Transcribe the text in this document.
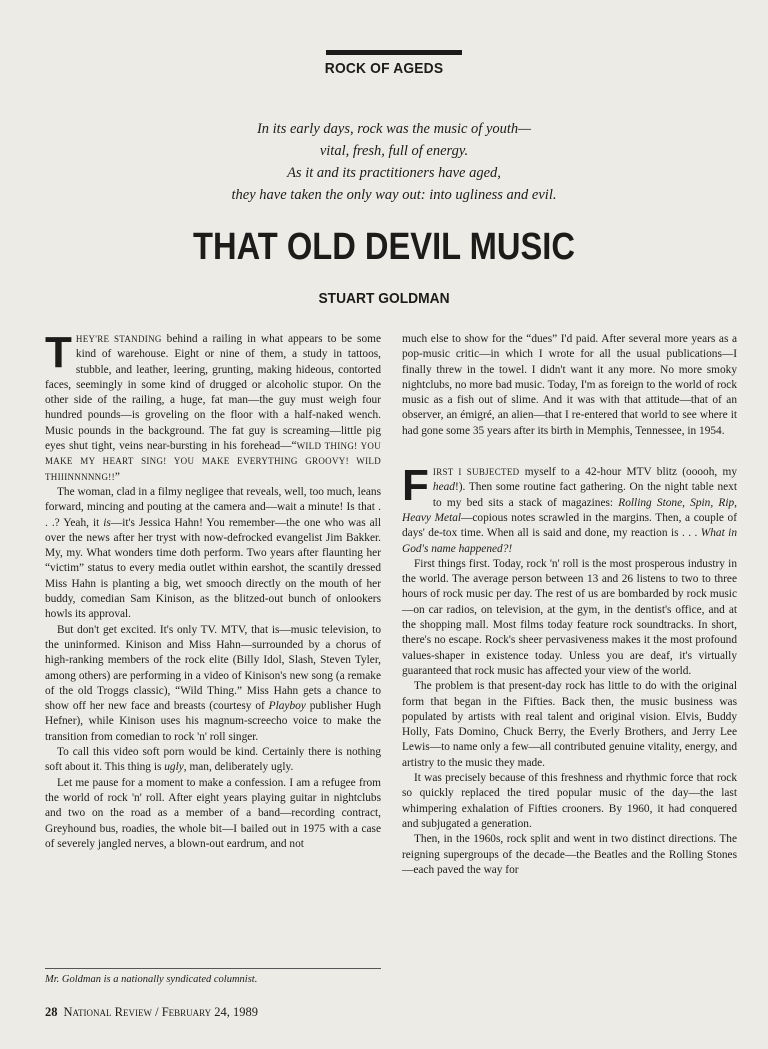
ROCK OF AGEDS
In its early days, rock was the music of youth—
vital, fresh, full of energy.
As it and its practitioners have aged,
they have taken the only way out: into ugliness and evil.
THAT OLD DEVIL MUSIC
STUART GOLDMAN

THEY'RE STANDING behind a railing in what appears to be some kind of warehouse. Eight or nine of them, a study in tattoos, stubble, and leather, leering, grunting, making hideous, contorted faces, seemingly in some kind of drugged or alcoholic stupor. On the other side of the railing, a huge, fat man—the guy must weigh four hundred pounds—is groveling on the floor with a half-naked wench. Music pounds in the background. The fat guy is screaming—little pig eyes shut tight, veins near-bursting in his forehead—“WILD THING! YOU MAKE MY HEART SING! YOU MAKE EVERYTHING GROOVY! WILD THIIINNNNNG!!”

The woman, clad in a filmy negligee that reveals, well, too much, leans forward, mincing and pouting at the camera and—wait a minute! Is that . . .? Yeah, it is—it's Jessica Hahn! You remember—the one who was all over the news after her tryst with now-defrocked evangelist Jim Bakker. My, my. What wonders time doth perform. Two years after flaunting her “victim” status to every media outlet within earshot, the scantily dressed Miss Hahn is planting a big, wet smooch directly on the mouth of her buddy, comedian Sam Kinison, as the blitzed-out bunch of onlookers howls its approval.

But don't get excited. It's only TV. MTV, that is—music television, to the uninformed. Kinison and Miss Hahn—surrounded by a chorus of high-ranking members of the rock elite (Billy Idol, Slash, Steven Tyler, among others) are performing in a video of Kinison's new song (a remake of the old Troggs classic), “Wild Thing.” Miss Hahn gets a chance to show off her new face and breasts (courtesy of Playboy publisher Hugh Hefner), while Kinison uses his magnum-screecho voice to make the transition from comedian to rock 'n' roll singer.

To call this video soft porn would be kind. Certainly there is nothing soft about it. This thing is ugly, man, deliberately ugly.

Let me pause for a moment to make a confession. I am a refugee from the world of rock 'n' roll. After eight years playing guitar in nightclubs and two on the road as a member of a band—recording contract, Greyhound bus, roadies, the whole bit—I bailed out in 1975 with a case of severely jangled nerves, a blown-out eardrum, and not

much else to show for the “dues” I'd paid. After several more years as a pop-music critic—in which I wrote for all the usual publications—I finally threw in the towel. I didn't want it any more. No more smoky nightclubs, no more bad music. Today, I'm as foreign to the world of rock music as a fish out of slime. And it was with that attitude—that of an observer, an émigré, an alien—that I re-entered that world to see where it had gone some 35 years after its birth in Memphis, Tennessee, in 1954.

FIRST I SUBJECTED myself to a 42-hour MTV blitz (ooooh, my head!). Then some routine fact gathering. On the night table next to my bed sits a stack of magazines: Rolling Stone, Spin, Rip, Heavy Metal—copious notes scrawled in the margins. Then, a couple of days' de-tox time. When all is said and done, my reaction is . . . What in God's name happened?!

First things first. Today, rock 'n' roll is the most prosperous industry in the world. The average person between 13 and 26 listens to two to three hours of rock music per day. The rest of us are bombarded by rock music—on car radios, on television, at the gym, in the dentist's office, and at the shopping mall. Most films today feature rock soundtracks. In short, there's no escape. Rock's sheer pervasiveness makes it the most profound values-shaper in existence today. Unless you are deaf, it's virtually guaranteed that rock music has affected your view of the world.

The problem is that present-day rock has little to do with the original form that began in the Fifties. Back then, the music business was populated by artists with real talent and original vision. Elvis, Buddy Holly, Fats Domino, Chuck Berry, the Everly Brothers, and Jerry Lee Lewis—to name only a few—all contributed genuine vitality, energy, and artistry to the music they made.

It was precisely because of this freshness and rhythmic force that rock so quickly replaced the tired popular music of the day—the last whimpering exhalation of Fifties crooners. By 1960, it had conquered and subjugated a generation.

Then, in the 1960s, rock split and went in two distinct directions. The reigning supergroups of the decade—the Beatles and the Rolling Stones—each paved the way for

Mr. Goldman is a nationally syndicated columnist.
28 National Review / February 24, 1989
